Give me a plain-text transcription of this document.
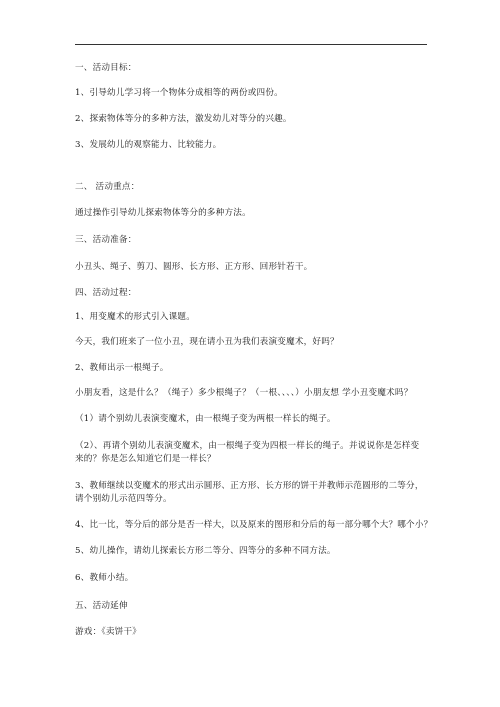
一、活动目标：
1、引导幼儿学习将一个物体分成相等的两份或四份。
2、探索物体等分的多种方法，激发幼儿对等分的兴趣。
3、发展幼儿的观察能力、比较能力。
二、 活动重点：
通过操作引导幼儿探索物体等分的多种方法。
三、活动准备：
小丑头、绳子、剪刀、圆形、长方形、正方形、回形针若干。
四、活动过程：
1、用变魔术的形式引入课题。
今天，我们班来了一位小丑，现在请小丑为我们表演变魔术，好吗？
2、教师出示一根绳子。
小朋友看，这是什么？（绳子）多少根绳子？（一根、、、、）小朋友想 学小丑变魔术吗？
（1）请个别幼儿表演变魔术，由一根绳子变为两根一样长的绳子。
（2）、再请个别幼儿表演变魔术，由一根绳子变为四根一样长的绳子。并说说你是怎样变来的？你是怎么知道它们是一样长？
3、教师继续以变魔术的形式出示圆形、正方形、长方形的饼干并教师示范圆形的二等分，请个别幼儿示范四等分。
4、比一比，等分后的部分是否一样大，以及原来的图形和分后的每一部分哪个大？哪个小？
5、幼儿操作，请幼儿探索长方形二等分、四等分的多种不同方法。
6、教师小结。
五、活动延伸
游戏：《卖饼干》
